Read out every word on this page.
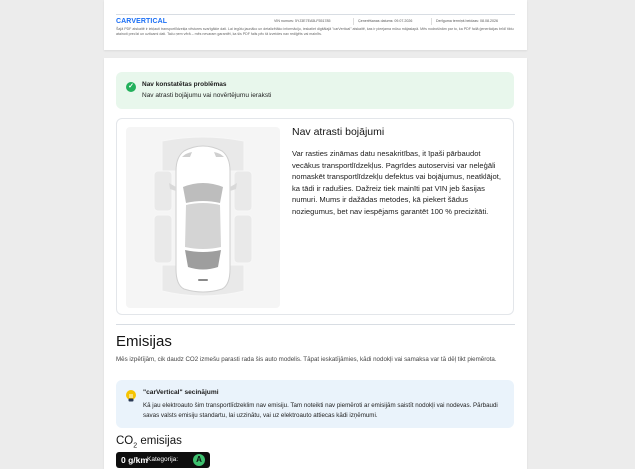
CARVERTICAL	VIN numurs: 5YJ3E7EA5LF551785	Ģenerēšanas datums: 09.07.2026	Derīguma termiņš beidzas: 08.08.2026
Šajā PDF atskaitē ir iekļauti transportlīdzekļa vēstures svarīgākie dati. Lai iegūtu jaunāko un detalizētāko informāciju, ieskatiet digitālajā "carVertical" atskaitē, kas ir pieejama mūsu mājaslapā. Mēs nodrošinām par to, ka PDF failā ģenerācijas brīdī tiktu atainoti precīzi un uzticami dati. Taču ņem vērā – mēs nevaram garantēt, ka šis PDF fails pēc tā izveides nav rediģēts vai mainīts.
✓	Nav konstatētas problēmas
Nav atrasti bojājumu vai novērtējumu ieraksti
Nav atrasti bojājumi
Var rasties zināmas datu nesakritības, it īpaši pārbaudot vecākus transportlīdzekļus. Pagrīdes autoservisi var neleģāli nomaskēt transportlīdzekļu defektus vai bojājumus, neatklājot, ka tādi ir radušies. Dažreiz tiek mainīti pat VIN jeb šasijas numuri. Mums ir dažādas metodes, kā piekert šādus noziegumus, bet nav iespējams garantēt 100 % precizitāti.
Emisijas
Mēs izpētījām, cik daudz CO2 izmešu parasti rada šis auto modelis. Tāpat ieskatījāmies, kādi nodokļi vai samaksa var tā dēļ tikt piemērota.
"carVertical" secinājumi
Kā jau elektroauto šim transportlīdzeklim nav emisiju. Tam noteikti nav piemēroti ar emisijām saistīt nodokļi vai nodevas. Pārbaudi savas valsts emisiju standartu, lai uzzinātu, vai uz elektroauto attiecas kādi izņēmumi.
$CO_2$ emisijas
0 g/km Kategorija:	A
